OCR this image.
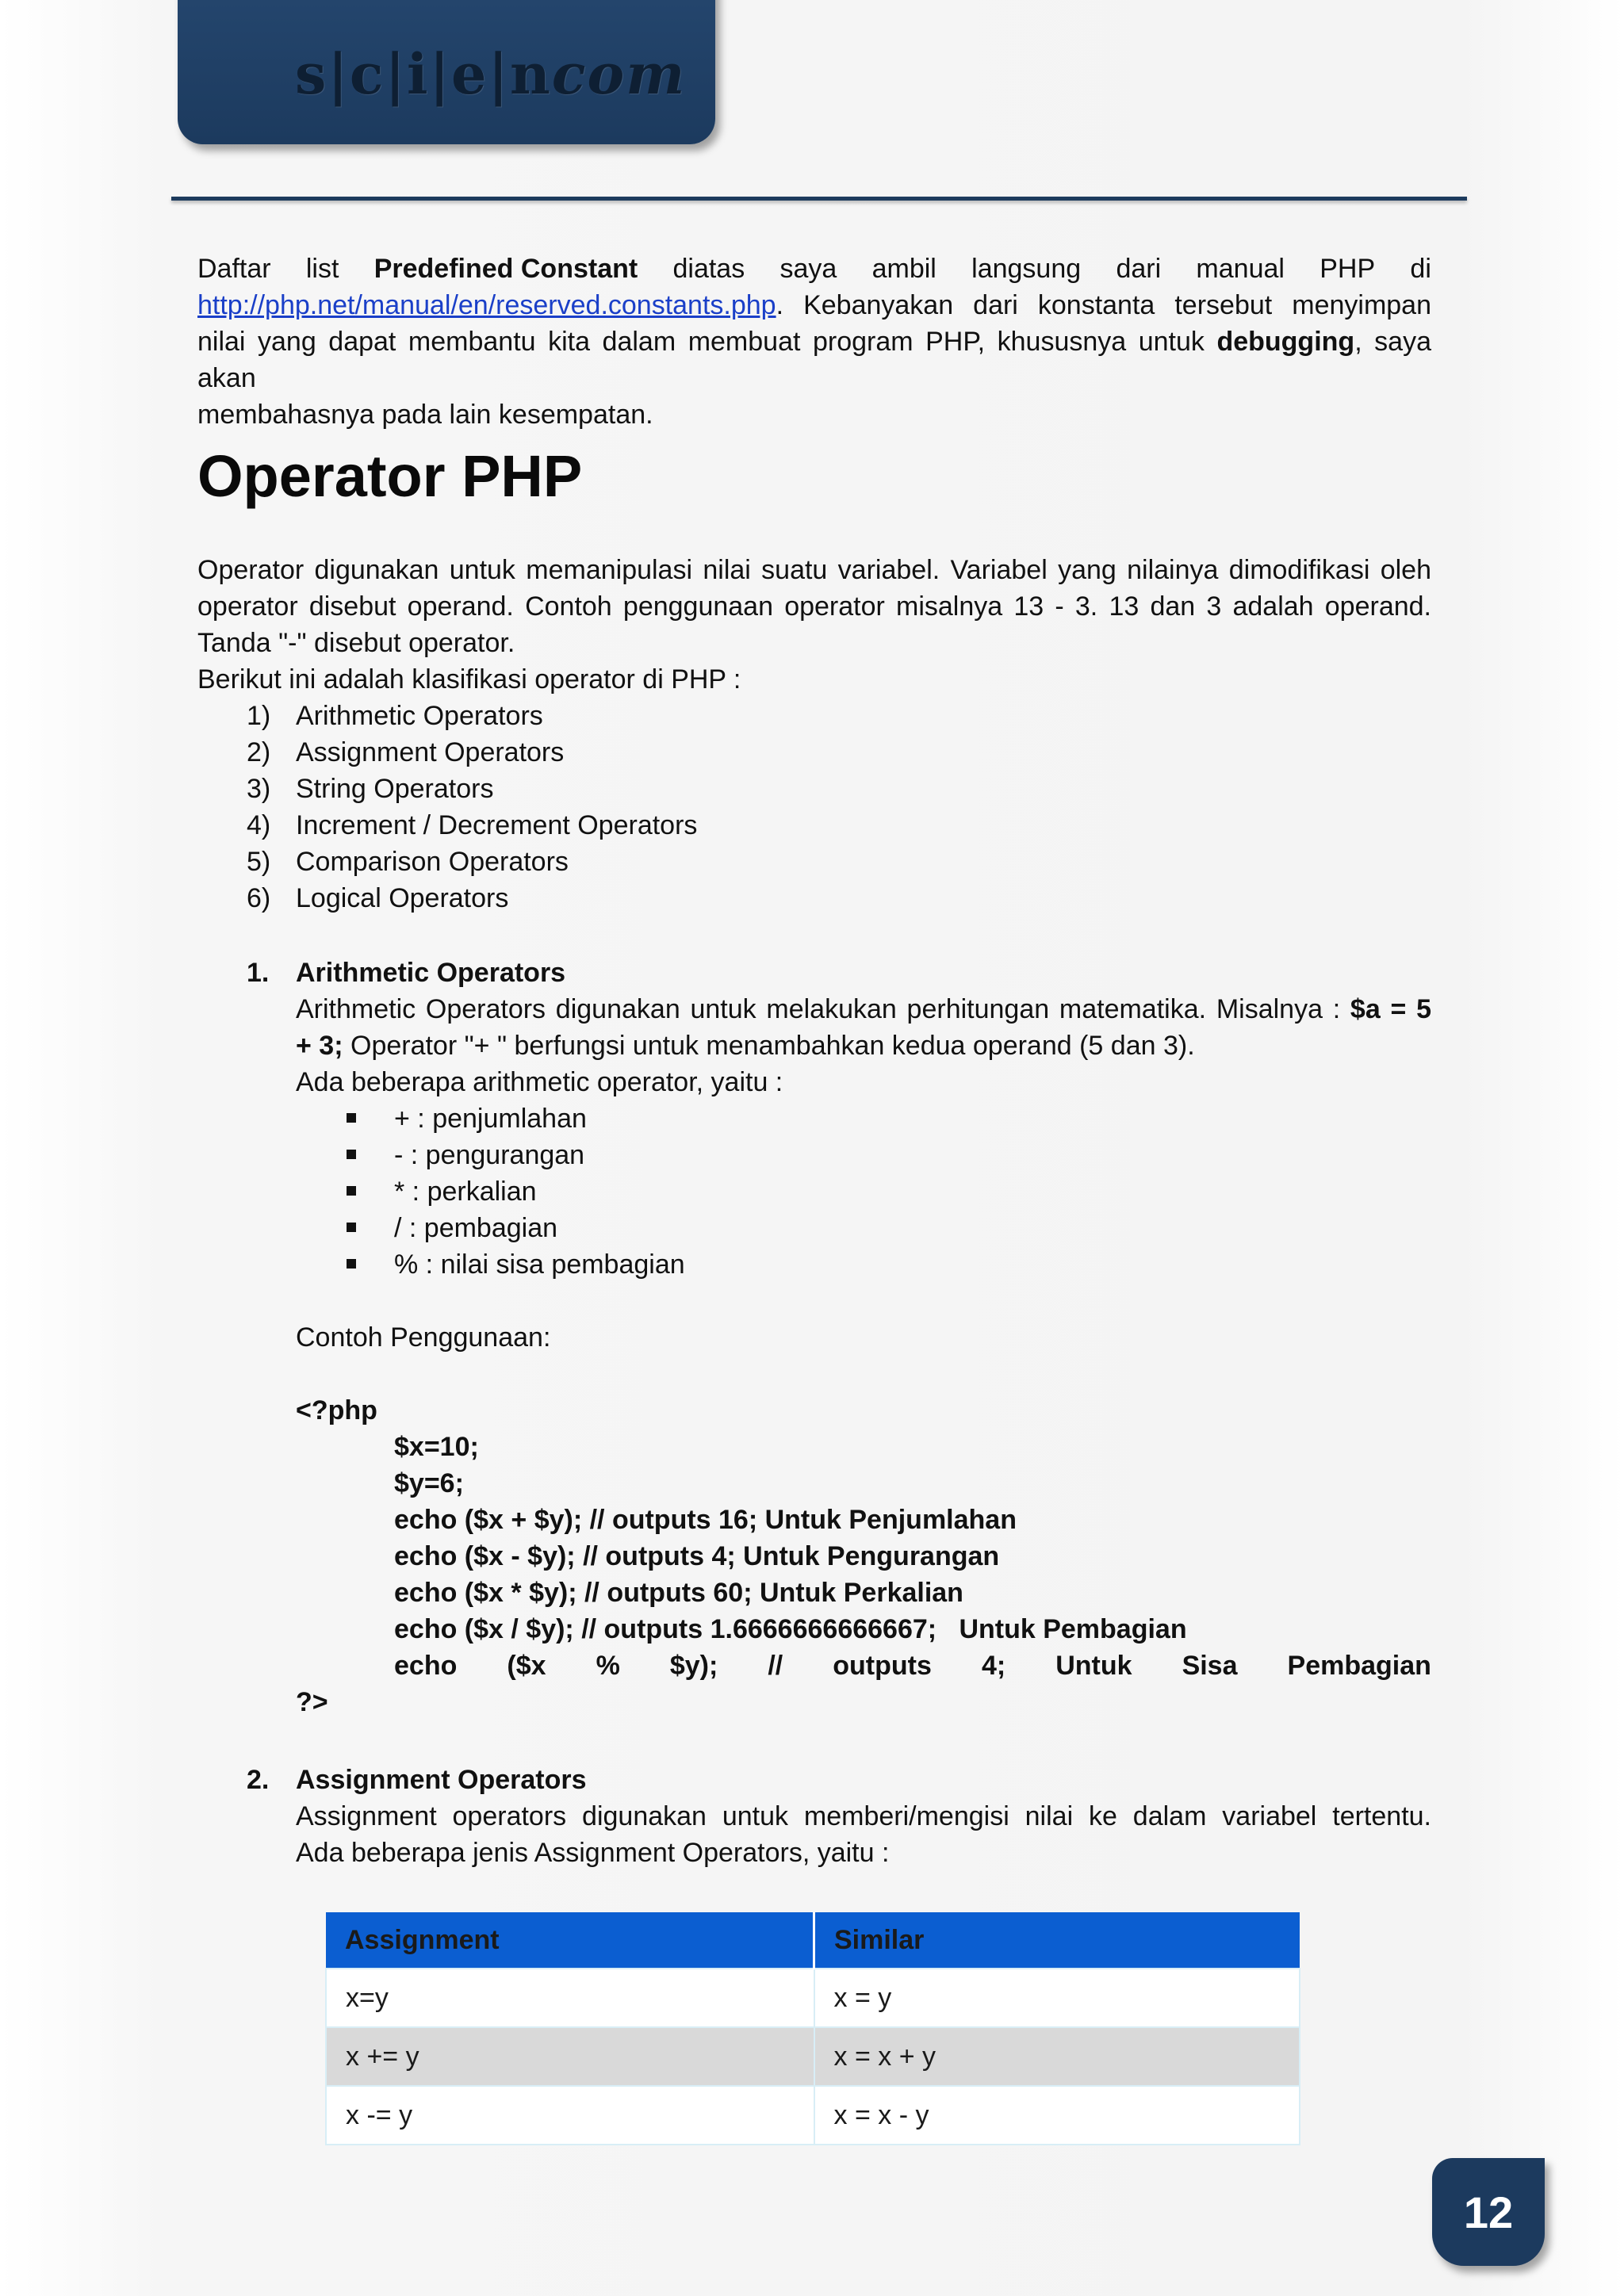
s|c|i|e|ncom

Daftar list Predefined Constant diatas saya ambil langsung dari manual PHP di

http://php.net/manual/en/reserved.constants.php. Kebanyakan dari konstanta tersebut menyimpan

nilai yang dapat membantu kita dalam membuat program PHP, khususnya untuk debugging, saya akan

membahasnya pada lain kesempatan.

Operator PHP

Operator digunakan untuk memanipulasi nilai suatu variabel. Variabel yang nilainya dimodifikasi oleh

operator disebut operand. Contoh penggunaan operator misalnya 13 - 3. 13 dan 3 adalah operand.

Tanda "-" disebut operator.

Berikut ini adalah klasifikasi operator di PHP :

1) Arithmetic Operators
2) Assignment Operators
3) String Operators
4) Increment / Decrement Operators
5) Comparison Operators
6) Logical Operators
1. Arithmetic Operators

Arithmetic Operators digunakan untuk melakukan perhitungan matematika. Misalnya : $a = 5

+ 3; Operator "+ " berfungsi untuk menambahkan kedua operand (5 dan 3).

Ada beberapa arithmetic operator, yaitu :

+ : penjumlahan
- : pengurangan
* : perkalian
/ : pembagian
% : nilai sisa pembagian

Contoh Penggunaan:

<?php

$x=10;

$y=6;

echo ($x + $y); // outputs 16; Untuk Penjumlahan

echo ($x - $y); // outputs 4; Untuk Pengurangan

echo ($x * $y); // outputs 60; Untuk Perkalian

echo ($x / $y); // outputs 1.6666666666667;   Untuk Pembagian

echo ($x % $y); // outputs 4; Untuk Sisa Pembagian

?>

2. Assignment Operators

Assignment operators digunakan untuk memberi/mengisi nilai ke dalam variabel tertentu.

Ada beberapa jenis Assignment Operators, yaitu :

Assignment	Similar
x=y	x = y
x += y	x = x + y
x -= y	x = x - y
12
